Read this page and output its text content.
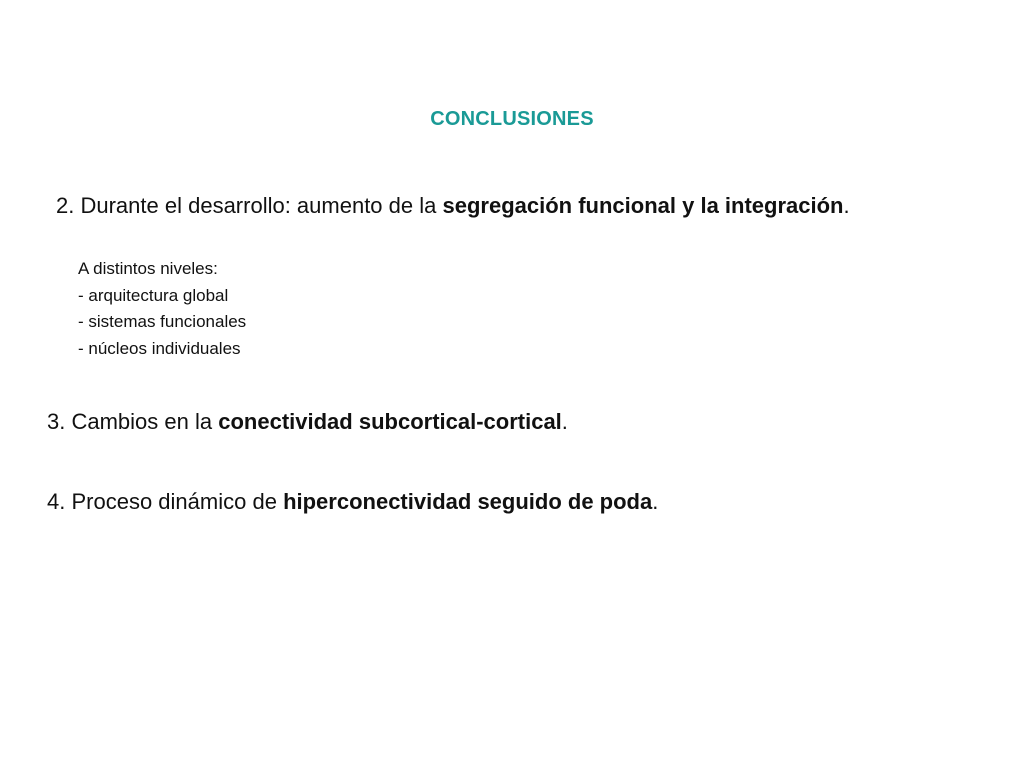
CONCLUSIONES
2. Durante el desarrollo: aumento de la segregación funcional y la integración.
A distintos niveles:
- arquitectura global
- sistemas funcionales
- núcleos individuales
3. Cambios en la conectividad subcortical-cortical.
4. Proceso dinámico de hiperconectividad seguido de poda.
